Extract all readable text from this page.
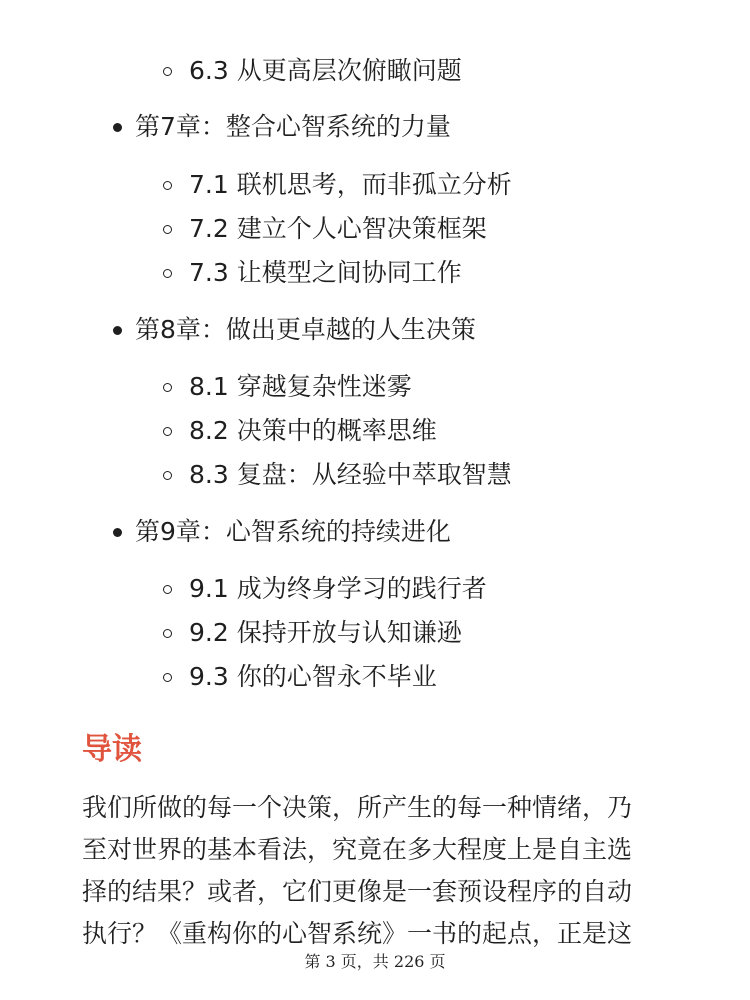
6.3 从更高层次俯瞰问题
第7章：整合心智系统的力量
7.1 联机思考，而非孤立分析
7.2 建立个人心智决策框架
7.3 让模型之间协同工作
第8章：做出更卓越的人生决策
8.1 穿越复杂性迷雾
8.2 决策中的概率思维
8.3 复盘：从经验中萃取智慧
第9章：心智系统的持续进化
9.1 成为终身学习的践行者
9.2 保持开放与认知谦逊
9.3 你的心智永不毕业
导读

我们所做的每一个决策，所产生的每一种情绪，乃
至对世界的基本看法，究竟在多大程度上是自主选
择的结果？或者，它们更像是一套预设程序的自动
执行？《重构你的心智系统》一书的起点，正是这

第 3 页，共 226 页
